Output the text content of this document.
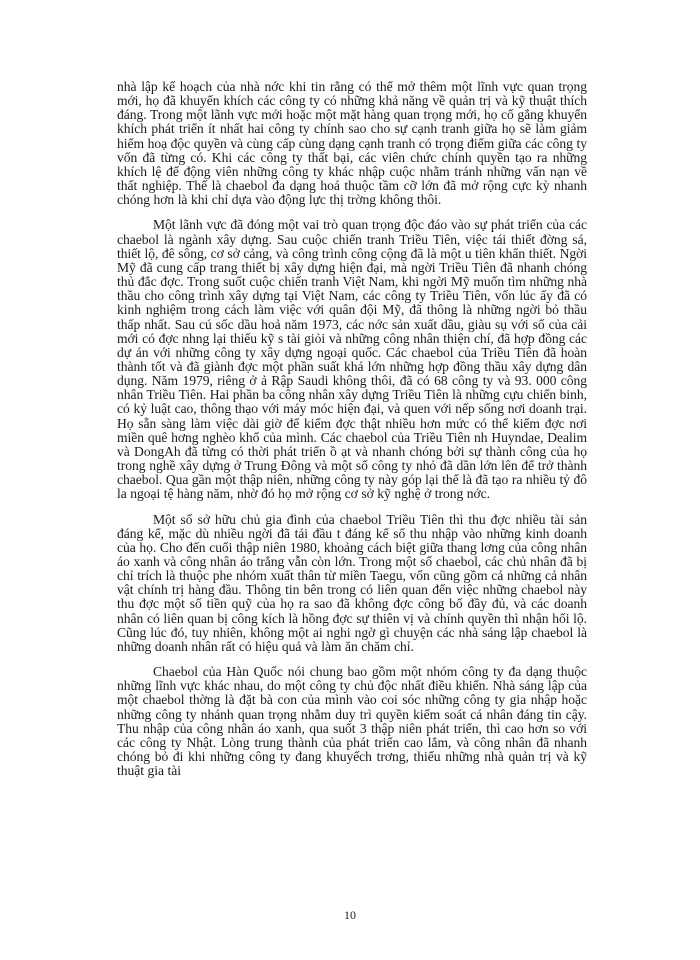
nhà lập kế hoạch của nhà nớc khi tin rằng có thể mở thêm một lĩnh vực quan trọng mới, họ đã khuyến khích các công ty có những khả năng về quản trị và kỹ thuật thích đáng. Trong một lãnh vực mới hoặc một mặt hàng quan trọng mới, họ cố gắng khuyến khích phát triển ít nhất hai công ty chính sao cho sự cạnh tranh giữa họ sẽ làm giảm hiểm hoạ độc quyền và cùng cấp cùng dạng cạnh tranh có trọng điểm giữa các công ty vốn đã từng có. Khi các công ty thất bại, các viên chức chính quyền tạo ra những khích lệ để động viên những công ty khác nhập cuộc nhằm tránh những vấn nạn về thất nghiệp. Thế là chaebol đa dạng hoá thuộc tầm cỡ lớn đã mở rộng cực kỳ nhanh chóng hơn là khi chỉ dựa vào động lực thị trờng không thôi.

Một lãnh vực đã đóng một vai trò quan trọng độc đáo vào sự phát triển của các chaebol là ngành xây dựng. Sau cuộc chiến tranh Triều Tiên, việc tái thiết đờng sá, thiết lộ, đê sông, cơ sở cảng, và công trình công cộng đã là một u tiên khẩn thiết. Ngời Mỹ đã cung cấp trang thiết bị xây dựng hiện đại, mà ngời Triều Tiên đã nhanh chóng thủ đắc đợc. Trong suốt cuộc chiến tranh Việt Nam, khi ngời Mỹ muốn tìm những nhà thầu cho công trình xây dựng tại Việt Nam, các công ty Triều Tiên, vốn lúc ấy đã có kinh nghiệm trong cách làm việc với quân đội Mỹ, đã thông là những ngời bỏ thầu thấp nhất. Sau cú sốc dầu hoả năm 1973, các nớc sản xuất dầu, giàu sụ với số của cải mới có đợc nhng lại thiếu kỹ s tài giỏi và những công nhân thiện chí, đã hợp đồng các dự án với những công ty xây dựng ngoại quốc. Các chaebol của Triều Tiên đã hoàn thành tốt và đã giành đợc một phần suất khá lớn những hợp đồng thầu xây dựng dân dụng. Năm 1979, riêng ở ả Rập Saudi không thôi, đã có 68 công ty và 93. 000 công nhân Triều Tiên. Hai phần ba công nhân xây dựng Triều Tiên là những cựu chiến binh, có kỷ luật cao, thông thạo với máy móc hiện đại, và quen với nếp sống nơi doanh trại. Họ sẵn sàng làm việc dài giờ để kiếm đợc thật nhiều hơn mức có thể kiếm đợc nơi miền quê hơng nghèo khổ của mình. Các chaebol của Triều Tiên nh Huyndae, Dealim và DongAh đã từng có thời phát triển ồ ạt và nhanh chóng bởi sự thành công của họ trong nghề xây dựng ở Trung Đông và một số công ty nhỏ đã dần lớn lên để trở thành chaebol. Qua gần một thập niên, những công ty này góp lại thế là đã tạo ra nhiều tỷ đô la ngoại tệ hàng năm, nhờ đó họ mở rộng cơ sở kỹ nghệ ở trong nớc.

Một số sở hữu chủ gia đình của chaebol Triều Tiên thì thu đợc nhiều tài sản đáng kể, mặc dù nhiều ngời đã tái đầu t đáng kể số thu nhập vào những kinh doanh của họ. Cho đến cuối thập niên 1980, khoảng cách biệt giữa thang lơng của công nhân áo xanh và công nhân áo trắng vẫn còn lớn. Trong một số chaebol, các chủ nhân đã bị chỉ trích là thuộc phe nhóm xuất thân từ miền Taegu, vốn cũng gồm cả những cả nhân vật chính trị hàng đầu. Thông tin bên trong có liên quan đến việc những chaebol này thu đợc một số tiền quỹ của họ ra sao đã không đợc công bố đầy đủ, và các doanh nhân có liên quan bị công kích là hồng đợc sự thiên vị và chính quyền thì nhận hối lộ. Cũng lúc đó, tuy nhiên, không một ai nghi ngờ gì chuyện các nhà sáng lập chaebol là những doanh nhân rất có hiệu quả và làm ăn chăm chỉ.

Chaebol của Hàn Quốc nói chung bao gồm một nhóm công ty đa dạng thuộc những lĩnh vực khác nhau, do một công ty chủ độc nhất điều khiển. Nhà sáng lập của một chaebol thờng là đặt bà con của mình vào coi sóc những công ty gia nhập hoặc những công ty nhánh quan trọng nhằm duy trì quyền kiểm soát cá nhân đáng tin cậy. Thu nhập của công nhân áo xanh, qua suốt 3 thập niên phát triển, thì cao hơn so với các công ty Nhật. Lòng trung thành của phát triển cao lắm, và công nhân đã nhanh chóng bỏ đi khi những công ty đang khuyếch trơng, thiếu những nhà quản trị và kỹ thuật gia tài

10
